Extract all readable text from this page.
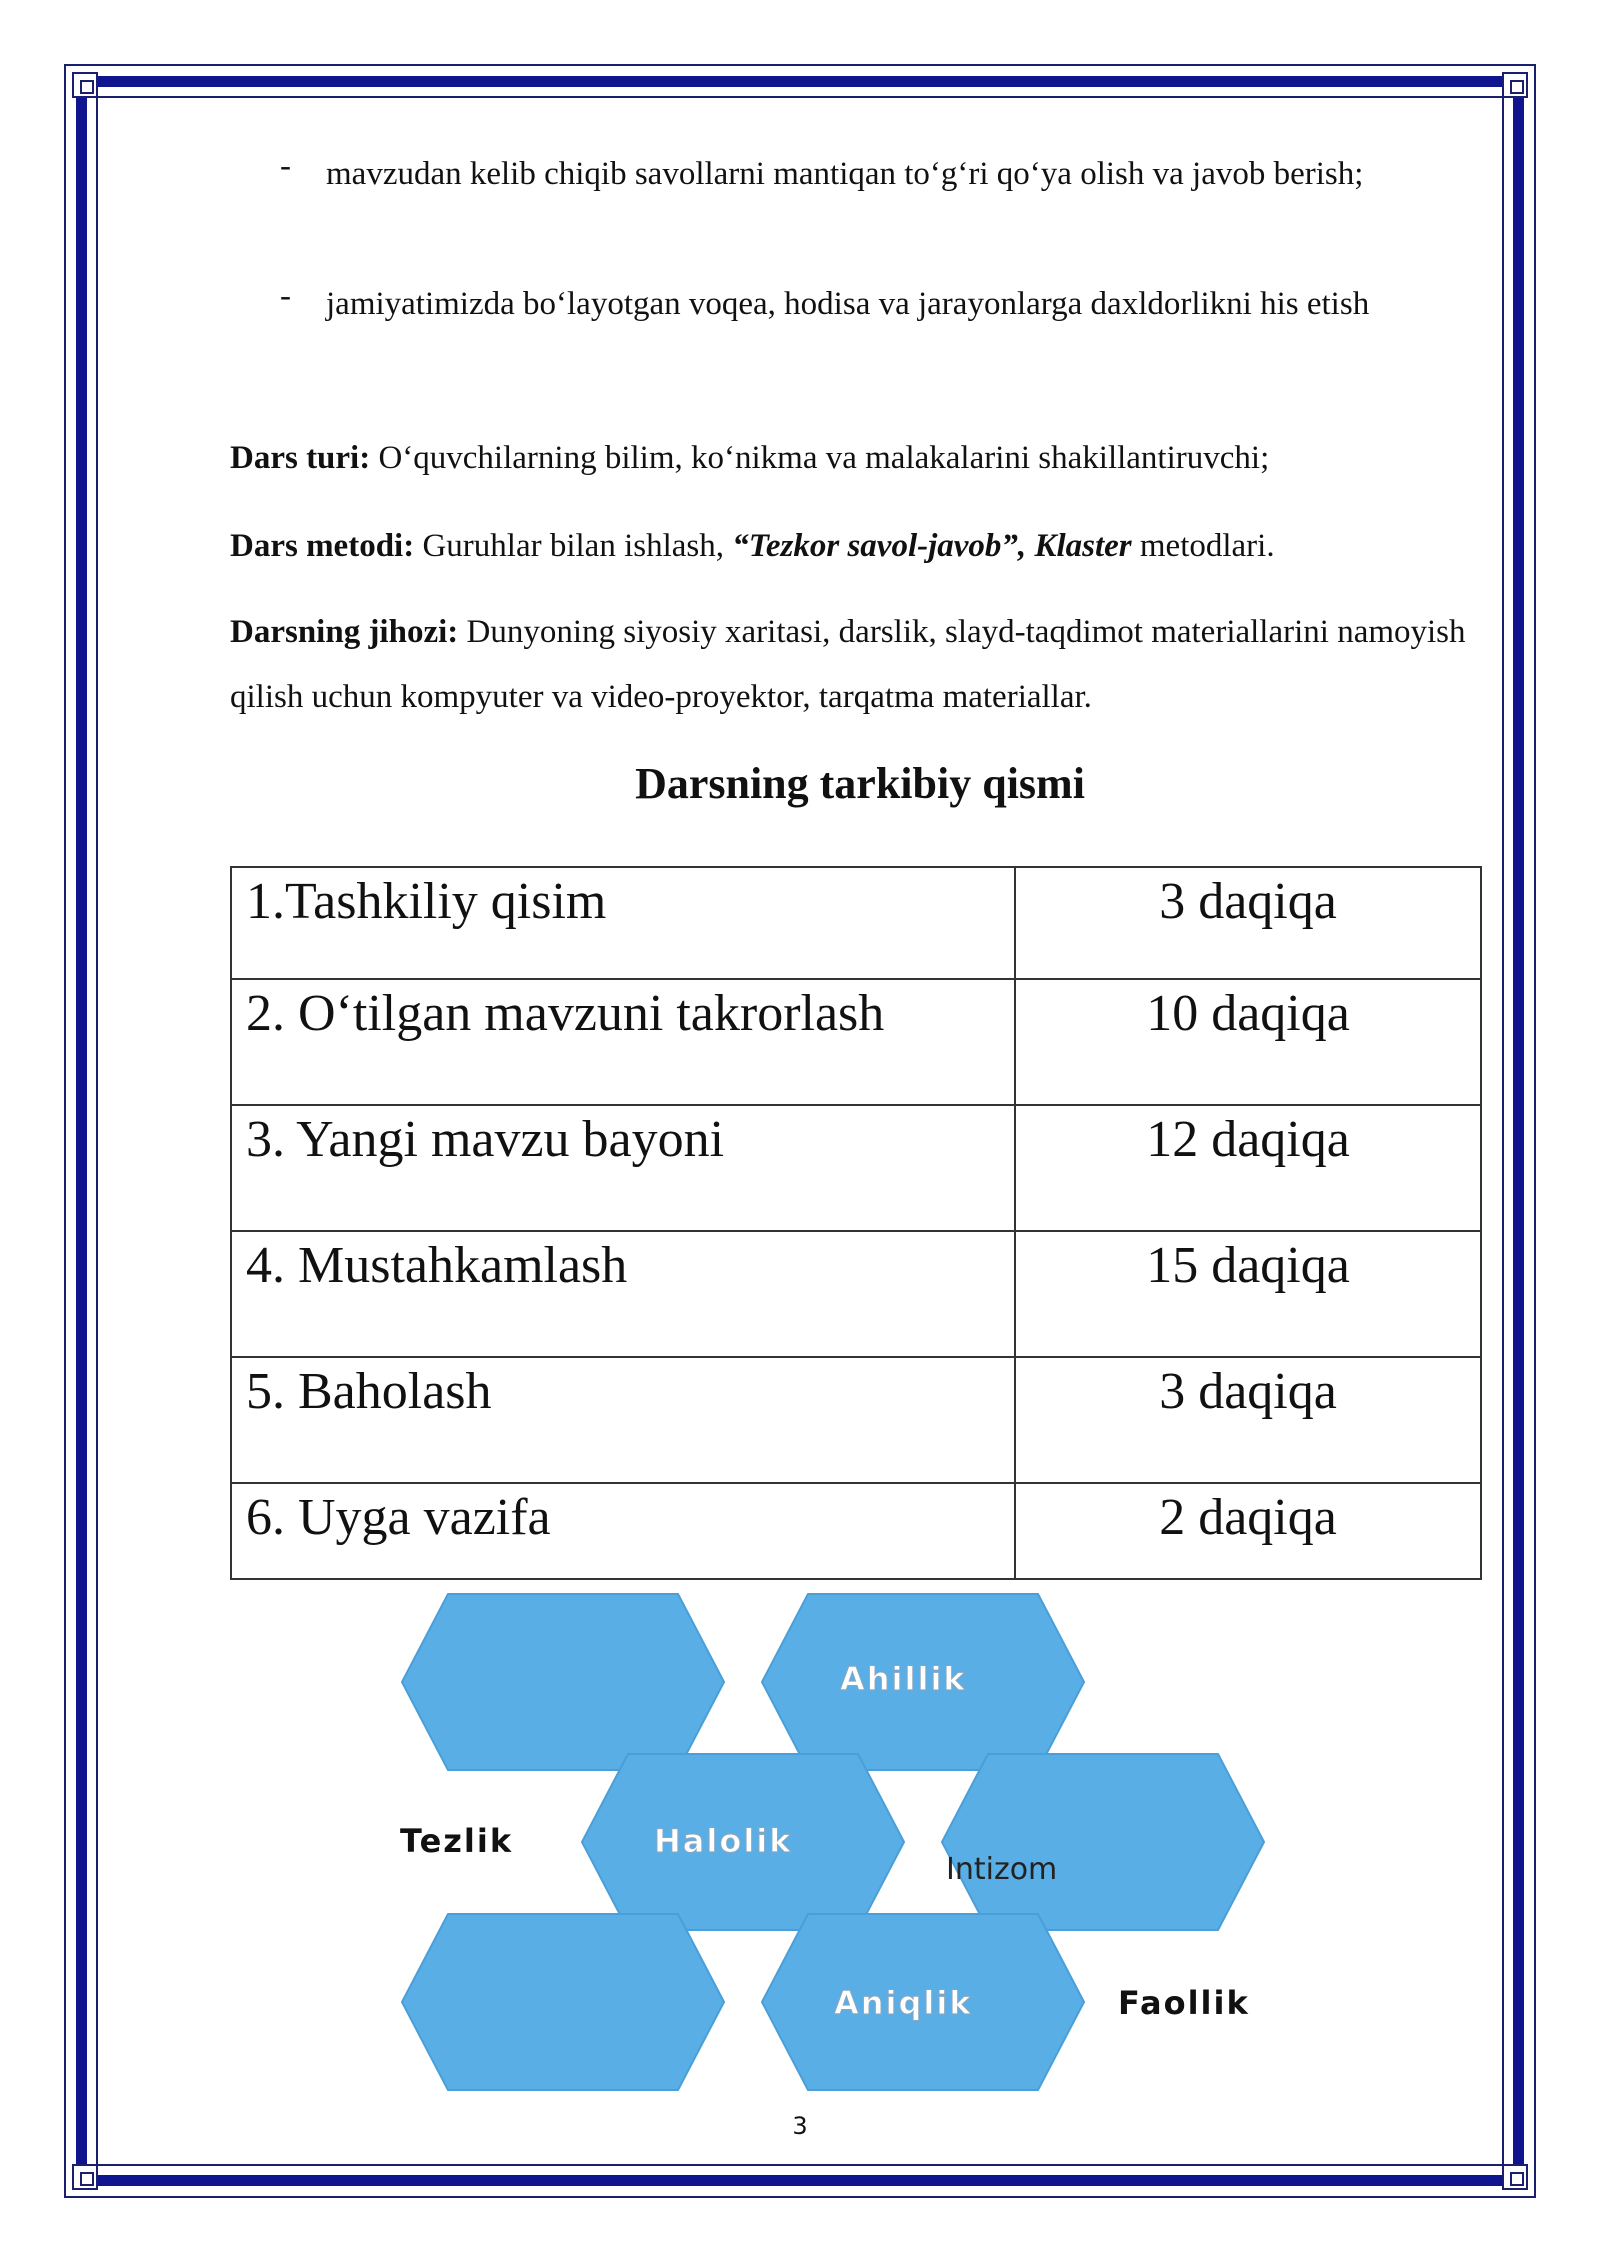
- mavzudan kelib chiqib savollarni mantiqan to‘g‘ri qo‘ya olish va javob berish;
- jamiyatimizda bo‘layotgan voqea, hodisa va jarayonlarga daxldorlikni his etish
Dars turi: O‘quvchilarning bilim, ko‘nikma va malakalarini shakillantiruvchi;
Dars metodi: Guruhlar bilan ishlash, “Tezkor savol-javob”, Klaster metodlari.
Darsning jihozi: Dunyoning siyosiy xaritasi, darslik, slayd-taqdimot materiallarini namoyish qilish uchun kompyuter va video-proyektor, tarqatma materiallar.
Darsning tarkibiy qismi
1.Tashkiliy qisim	3 daqiqa
2. O‘tilgan mavzuni takrorlash	10 daqiqa
3. Yangi mavzu bayoni	12 daqiqa
4. Mustahkamlash	15 daqiqa
5. Baholash	3 daqiqa
6. Uyga vazifa	2 daqiqa
Ahillik
Tezlik	Halolik
Intizom
Aniqlik	Faollik
3
